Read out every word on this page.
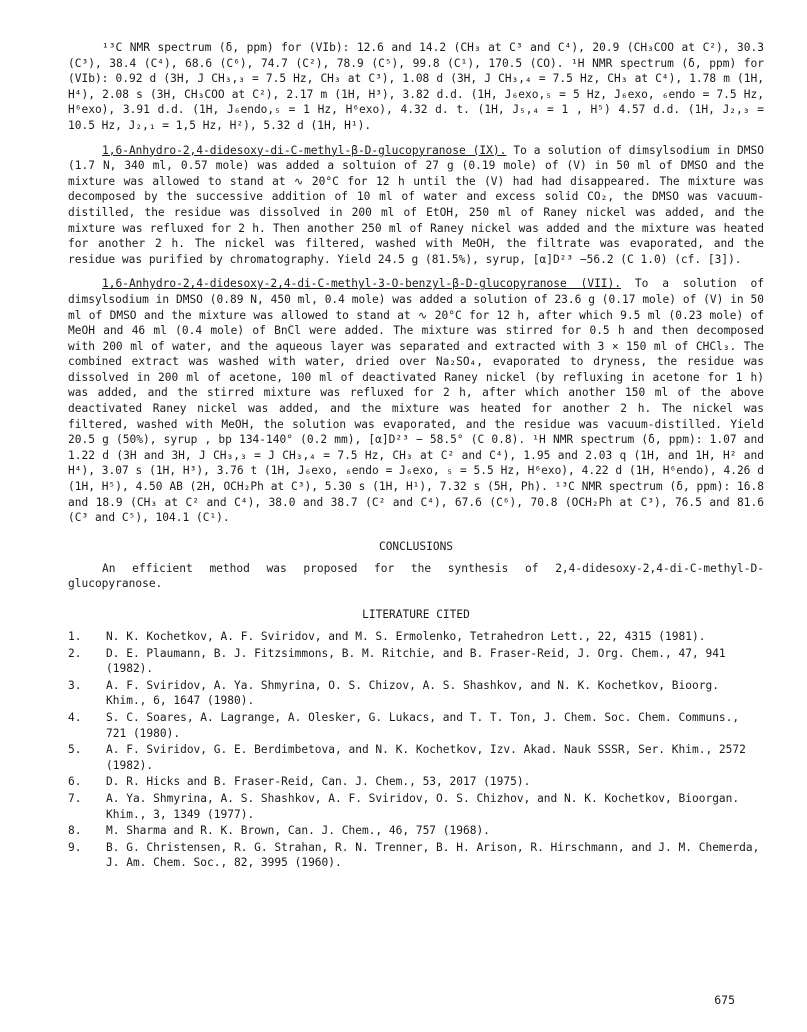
¹³C NMR spectrum (δ, ppm) for (VIb): 12.6 and 14.2 (CH₃ at C³ and C⁴), 20.9 (CH₃COO at C²), 30.3 (C³), 38.4 (C⁴), 68.6 (C⁶), 74.7 (C²), 78.9 (C⁵), 99.8 (C¹), 170.5 (CO). ¹H NMR spectrum (δ, ppm) for (VIb): 0.92 d (3H, J CH₃,₃ = 7.5 Hz, CH₃ at C³), 1.08 d (3H, J CH₃,₄ = 7.5 Hz, CH₃ at C⁴), 1.78 m (1H, H⁴), 2.08 s (3H, CH₃COO at C²), 2.17 m (1H, H³), 3.82 d.d. (1H, J₆exo,₅ = 5 Hz, J₆exo, ₆endo = 7.5 Hz, H⁶exo), 3.91 d.d. (1H, J₆endo,₅ = 1 Hz, H⁶exo), 4.32 d. t. (1H, J₅,₄ = 1 , H⁵) 4.57 d.d. (1H, J₂,₃ = 10.5 Hz, J₂,₁ = 1,5 Hz, H²), 5.32 d (1H, H¹).

1,6-Anhydro-2,4-didesoxy-di-C-methyl-β-D-glucopyranose (IX). To a solution of dimsylsodium in DMSO (1.7 N, 340 ml, 0.57 mole) was added a soltuion of 27 g (0.19 mole) of (V) in 50 ml of DMSO and the mixture was allowed to stand at ∿ 20°C for 12 h until the (V) had had disappeared. The mixture was decomposed by the successive addition of 10 ml of water and excess solid CO₂, the DMSO was vacuum-distilled, the residue was dissolved in 200 ml of EtOH, 250 ml of Raney nickel was added, and the mixture was refluxed for 2 h. Then another 250 ml of Raney nickel was added and the mixture was heated for another 2 h. The nickel was filtered, washed with MeOH, the filtrate was evaporated, and the residue was purified by chromatography. Yield 24.5 g (81.5%), syrup, [α]D²³ −56.2 (C 1.0) (cf. [3]).

1,6-Anhydro-2,4-didesoxy-2,4-di-C-methyl-3-O-benzyl-β-D-glucopyranose (VII). To a solution of dimsylsodium in DMSO (0.89 N, 450 ml, 0.4 mole) was added a solution of 23.6 g (0.17 mole) of (V) in 50 ml of DMSO and the mixture was allowed to stand at ∿ 20°C for 12 h, after which 9.5 ml (0.23 mole) of MeOH and 46 ml (0.4 mole) of BnCl were added. The mixture was stirred for 0.5 h and then decomposed with 200 ml of water, and the aqueous layer was separated and extracted with 3 × 150 ml of CHCl₃. The combined extract was washed with water, dried over Na₂SO₄, evaporated to dryness, the residue was dissolved in 200 ml of acetone, 100 ml of deactivated Raney nickel (by refluxing in acetone for 1 h) was added, and the stirred mixture was refluxed for 2 h, after which another 150 ml of the above deactivated Raney nickel was added, and the mixture was heated for another 2 h. The nickel was filtered, washed with MeOH, the solution was evaporated, and the residue was vacuum-distilled. Yield 20.5 g (50%), syrup , bp 134-140° (0.2 mm), [α]D²³ − 58.5° (C 0.8). ¹H NMR spectrum (δ, ppm): 1.07 and 1.22 d (3H and 3H, J CH₃,₃ = J CH₃,₄ = 7.5 Hz, CH₃ at C² and C⁴), 1.95 and 2.03 q (1H, and 1H, H² and H⁴), 3.07 s (1H, H³), 3.76 t (1H, J₆exo, ₆endo = J₆exo, ₅ = 5.5 Hz, H⁶exo), 4.22 d (1H, H⁶endo), 4.26 d (1H, H⁵), 4.50 AB (2H, OCH₂Ph at C³), 5.30 s (1H, H¹), 7.32 s (5H, Ph). ¹³C NMR spectrum (δ, ppm): 16.8 and 18.9 (CH₃ at C² and C⁴), 38.0 and 38.7 (C² and C⁴), 67.6 (C⁶), 70.8 (OCH₂Ph at C³), 76.5 and 81.6 (C³ and C⁵), 104.1 (C¹).

CONCLUSIONS

An efficient method was proposed for the synthesis of 2,4-didesoxy-2,4-di-C-methyl-D-glucopyranose.

LITERATURE CITED
1.	N. K. Kochetkov, A. F. Sviridov, and M. S. Ermolenko, Tetrahedron Lett., 22, 4315 (1981).
2.	D. E. Plaumann, B. J. Fitzsimmons, B. M. Ritchie, and B. Fraser-Reid, J. Org. Chem., 47, 941 (1982).
3.	A. F. Sviridov, A. Ya. Shmyrina, O. S. Chizov, A. S. Shashkov, and N. K. Kochetkov, Bioorg. Khim., 6, 1647 (1980).
4.	S. C. Soares, A. Lagrange, A. Olesker, G. Lukacs, and T. T. Ton, J. Chem. Soc. Chem. Communs., 721 (1980).
5.	A. F. Sviridov, G. E. Berdimbetova, and N. K. Kochetkov, Izv. Akad. Nauk SSSR, Ser. Khim., 2572 (1982).
6.	D. R. Hicks and B. Fraser-Reid, Can. J. Chem., 53, 2017 (1975).
7.	A. Ya. Shmyrina, A. S. Shashkov, A. F. Sviridov, O. S. Chizhov, and N. K. Kochetkov, Bioorgan. Khim., 3, 1349 (1977).
8.	M. Sharma and R. K. Brown, Can. J. Chem., 46, 757 (1968).
9.	B. G. Christensen, R. G. Strahan, R. N. Trenner, B. H. Arison, R. Hirschmann, and J. M. Chemerda, J. Am. Chem. Soc., 82, 3995 (1960).
675
